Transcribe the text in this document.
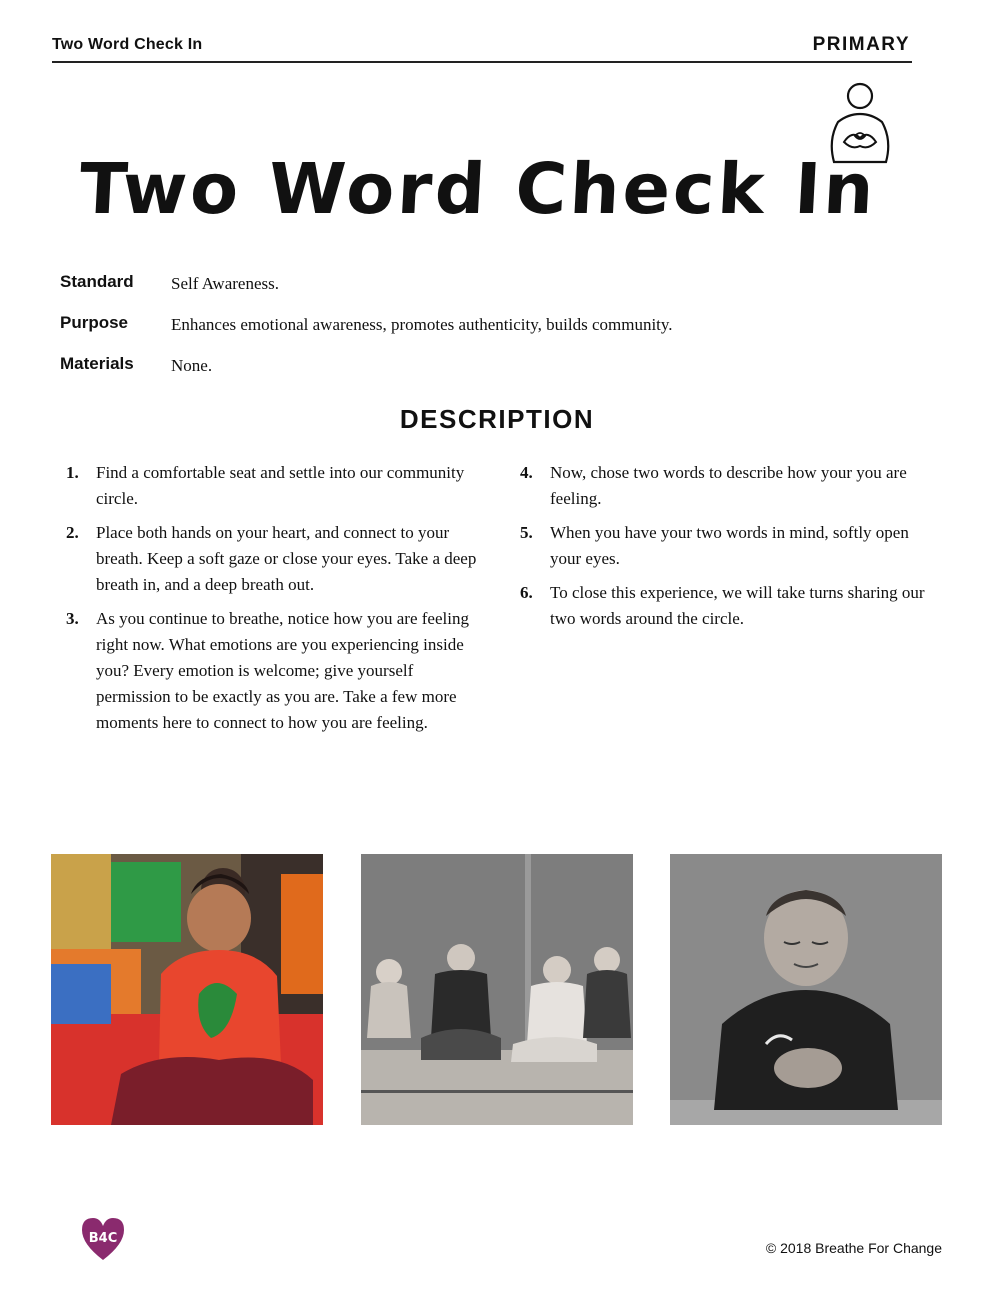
Two Word Check In	PRIMARY
Two Word Check In
Standard	Self Awareness.
Purpose	Enhances emotional awareness, promotes authenticity, builds community.
Materials	None.
DESCRIPTION
1.	Find a comfortable seat and settle into our community circle.
2.	Place both hands on your heart, and connect to your breath. Keep a soft gaze or close your eyes. Take a deep breath in, and a deep breath out.
3.	As you continue to breathe, notice how you are feeling right now. What emotions are you experiencing inside you? Every emotion is welcome; give yourself permission to be exactly as you are. Take a few more moments here to connect to how you are feeling.
4.	Now, chose two words to describe how your you are feeling.
5.	When you have your two words in mind, softly open your eyes.
6.	To close this experience, we will take turns sharing our two words around the circle.
B4C
© 2018 Breathe For Change
